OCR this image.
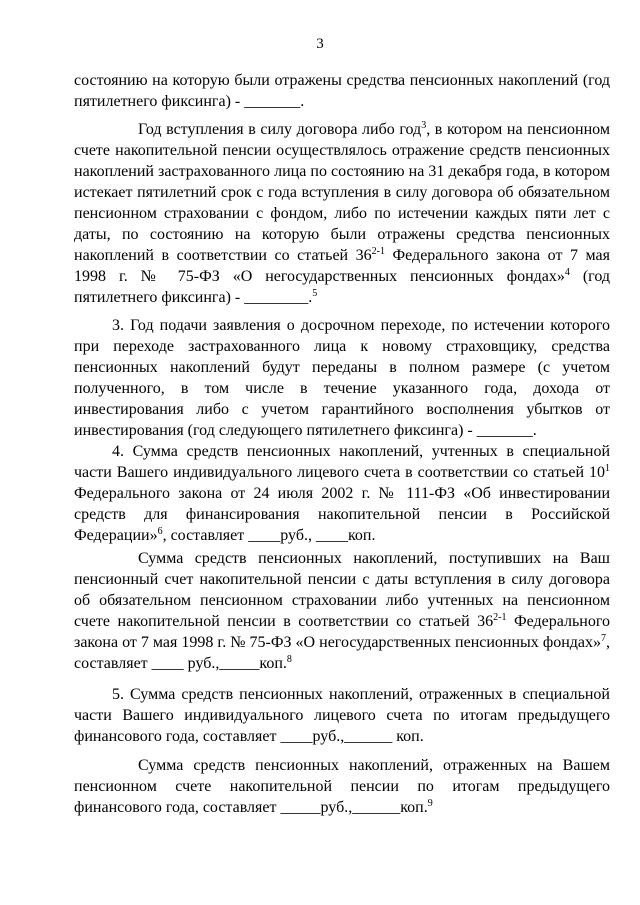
3

состоянию на которую были отражены средства пенсионных накоплений (год пятилетнего фиксинга) - _______.

Год вступления в силу договора либо год$^3$, в котором на пенсионном счете накопительной пенсии осуществлялось отражение средств пенсионных накоплений застрахованного лица по состоянию на 31 декабря года, в котором истекает пятилетний срок с года вступления в силу договора об обязательном пенсионном страховании с фондом, либо по истечении каждых пяти лет с даты, по состоянию на которую были отражены средства пенсионных накоплений в соответствии со статьей 36$^{2-1}$ Федерального закона от 7 мая 1998 г. № 75-ФЗ «О негосударственных пенсионных фондах»$^4$ (год пятилетнего фиксинга) - ________.$^5$

3. Год подачи заявления о досрочном переходе, по истечении которого при переходе застрахованного лица к новому страховщику, средства пенсионных накоплений будут переданы в полном размере (с учетом полученного, в том числе в течение указанного года, дохода от инвестирования либо с учетом гарантийного восполнения убытков от инвестирования (год следующего пятилетнего фиксинга) - _______.

4. Сумма средств пенсионных накоплений, учтенных в специальной части Вашего индивидуального лицевого счета в соответствии со статьей $10^1$ Федерального закона от 24 июля 2002 г. № 111-ФЗ «Об инвестировании средств для финансирования накопительной пенсии в Российской Федерации»$^6$, составляет ____руб., ____коп.

Сумма средств пенсионных накоплений, поступивших на Ваш пенсионный счет накопительной пенсии с даты вступления в силу договора об обязательном пенсионном страховании либо учтенных на пенсионном счете накопительной пенсии в соответствии со статьей 36$^{2-1}$ Федерального закона от 7 мая 1998 г. № 75-ФЗ «О негосударственных пенсионных фондах»$^7$, составляет ____ руб.,_____коп.$^8$

5. Сумма средств пенсионных накоплений, отраженных в специальной части Вашего индивидуального лицевого счета по итогам предыдущего финансового года, составляет ____руб.,______ коп.

Сумма средств пенсионных накоплений, отраженных на Вашем пенсионном счете накопительной пенсии по итогам предыдущего финансового года, составляет _____руб.,______коп.$^9$
